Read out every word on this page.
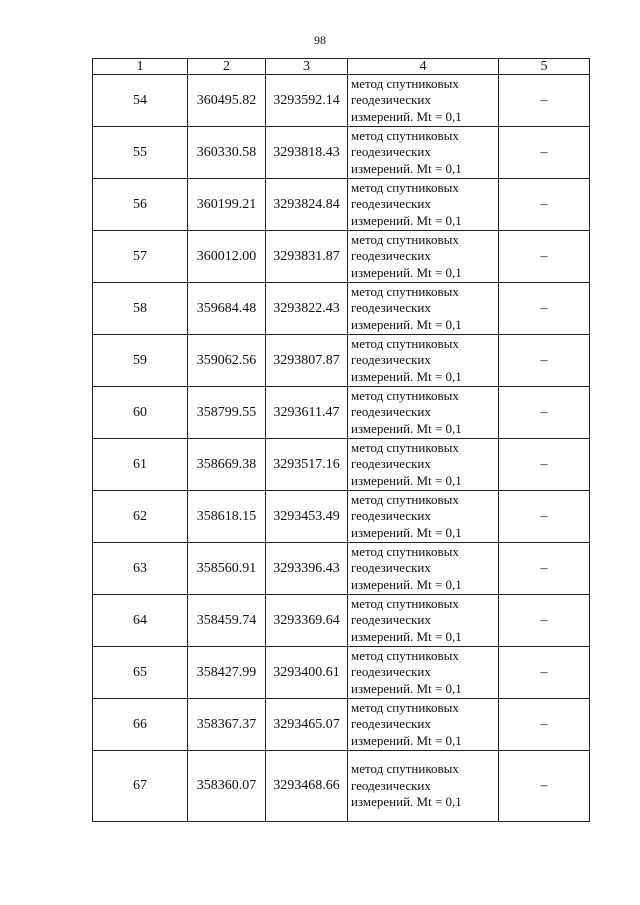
98
1	2	3	4	5
54	360495.82	3293592.14	метод спутниковых
геодезических
измерений. Mt = 0,1	–
55	360330.58	3293818.43	метод спутниковых
геодезических
измерений. Mt = 0,1	–
56	360199.21	3293824.84	метод спутниковых
геодезических
измерений. Mt = 0,1	–
57	360012.00	3293831.87	метод спутниковых
геодезических
измерений. Mt = 0,1	–
58	359684.48	3293822.43	метод спутниковых
геодезических
измерений. Mt = 0,1	–
59	359062.56	3293807.87	метод спутниковых
геодезических
измерений. Mt = 0,1	–
60	358799.55	3293611.47	метод спутниковых
геодезических
измерений. Mt = 0,1	–
61	358669.38	3293517.16	метод спутниковых
геодезических
измерений. Mt = 0,1	–
62	358618.15	3293453.49	метод спутниковых
геодезических
измерений. Mt = 0,1	–
63	358560.91	3293396.43	метод спутниковых
геодезических
измерений. Mt = 0,1	–
64	358459.74	3293369.64	метод спутниковых
геодезических
измерений. Mt = 0,1	–
65	358427.99	3293400.61	метод спутниковых
геодезических
измерений. Mt = 0,1	–
66	358367.37	3293465.07	метод спутниковых
геодезических
измерений. Mt = 0,1	–
67	358360.07	3293468.66	метод спутниковых
геодезических
измерений. Mt = 0,1	–
